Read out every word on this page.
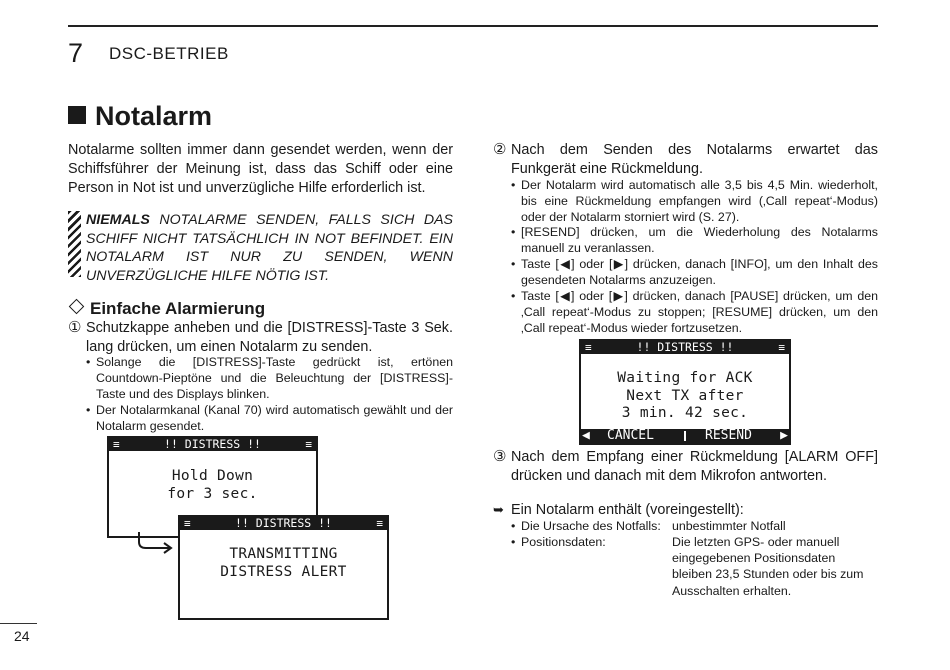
7 DSC-BETRIEB
Notalarm
Notalarme sollten immer dann gesendet werden, wenn der Schiffsführer der Meinung ist, dass das Schiff oder eine Person in Not ist und unverzügliche Hilfe erforderlich ist.
NIEMALS NOTALARME SENDEN, FALLS SICH DAS SCHIFF NICHT TATSÄCHLICH IN NOT BEFINDET. EIN NOTALARM IST NUR ZU SENDEN, WENN UNVERZÜGLICHE HILFE NÖTIG IST.
Einfache Alarmierung
① Schutzkappe anheben und die [DISTRESS]-Taste 3 Sek. lang drücken, um einen Notalarm zu senden.
• Solange die [DISTRESS]-Taste gedrückt ist, ertönen Countdown-Pieptöne und die Beleuchtung der [DISTRESS]-Taste und des Displays blinken.
• Der Notalarmkanal (Kanal 70) wird automatisch gewählt und der Notalarm gesendet.
≡	!! DISTRESS !!	≡
Hold Down
for 3 sec.
≡	!! DISTRESS !!	≡
TRANSMITTING
DISTRESS ALERT
② Nach dem Senden des Notalarms erwartet das Funkgerät eine Rückmeldung.
• Der Notalarm wird automatisch alle 3,5 bis 4,5 Min. wiederholt, bis eine Rückmeldung empfangen wird (‚Call repeat‘-Modus) oder der Notalarm storniert wird (S. 27).
• [RESEND] drücken, um die Wiederholung des Notalarms manuell zu veranlassen.
• Taste [◀] oder [▶] drücken, danach [INFO], um den Inhalt des gesendeten Notalarms anzuzeigen.
• Taste [◀] oder [▶] drücken, danach [PAUSE] drücken, um den ‚Call repeat‘-Modus zu stoppen; [RESUME] drücken, um den ‚Call repeat‘-Modus wieder fortzusetzen.
≡	!! DISTRESS !!	≡
Waiting for ACK
Next TX after
3 min. 42 sec.
◀ CANCEL	RESEND ▶
③ Nach dem Empfang einer Rückmeldung [ALARM OFF] drücken und danach mit dem Mikrofon antworten.
➥ Ein Notalarm enthält (voreingestellt):
• Die Ursache des Notfalls: unbestimmter Notfall
• Positionsdaten:	Die letzten GPS- oder manuell eingegebenen Positionsdaten bleiben 23,5 Stunden oder bis zum Ausschalten erhalten.
24
